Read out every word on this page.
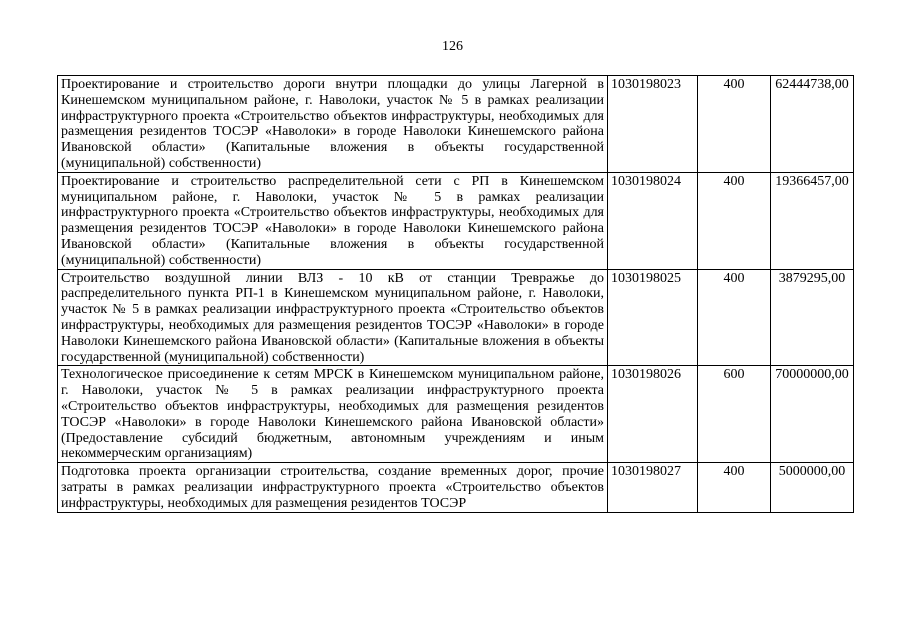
126
Проектирование и строительство дороги внутри площадки до улицы Лагерной в Кинешемском муниципальном районе, г. Наволоки, участок № 5 в рамках реализации инфраструктурного проекта «Строительство объектов инфраструктуры, необходимых для размещения резидентов ТОСЭР «Наволоки» в городе Наволоки Кинешемского района Ивановской области» (Капитальные вложения в объекты государственной (муниципальной) собственности)	1030198023	400	62444738,00
Проектирование и строительство распределительной сети с РП в Кинешемском муниципальном районе, г. Наволоки, участок № 5 в рамках реализации инфраструктурного проекта «Строительство объектов инфраструктуры, необходимых для размещения резидентов ТОСЭР «Наволоки» в городе Наволоки Кинешемского района Ивановской области» (Капитальные вложения в объекты государственной (муниципальной) собственности)	1030198024	400	19366457,00
Строительство воздушной линии ВЛЗ - 10 кВ от станции Тревражье до распределительного пункта РП-1 в Кинешемском муниципальном районе, г. Наволоки, участок № 5 в рамках реализации инфраструктурного проекта «Строительство объектов инфраструктуры, необходимых для размещения резидентов ТОСЭР «Наволоки» в городе Наволоки Кинешемского района Ивановской области» (Капитальные вложения в объекты государственной (муниципальной) собственности)	1030198025	400	3879295,00
Технологическое присоединение к сетям МРСК в Кинешемском муниципальном районе, г. Наволоки, участок № 5 в рамках реализации инфраструктурного проекта «Строительство объектов инфраструктуры, необходимых для размещения резидентов ТОСЭР «Наволоки» в городе Наволоки Кинешемского района Ивановской области» (Предоставление субсидий бюджетным, автономным учреждениям и иным некоммерческим организациям)	1030198026	600	70000000,00
Подготовка проекта организации строительства, создание временных дорог, прочие затраты в рамках реализации инфраструктурного проекта «Строительство объектов инфраструктуры, необходимых для размещения резидентов ТОСЭР	1030198027	400	5000000,00
